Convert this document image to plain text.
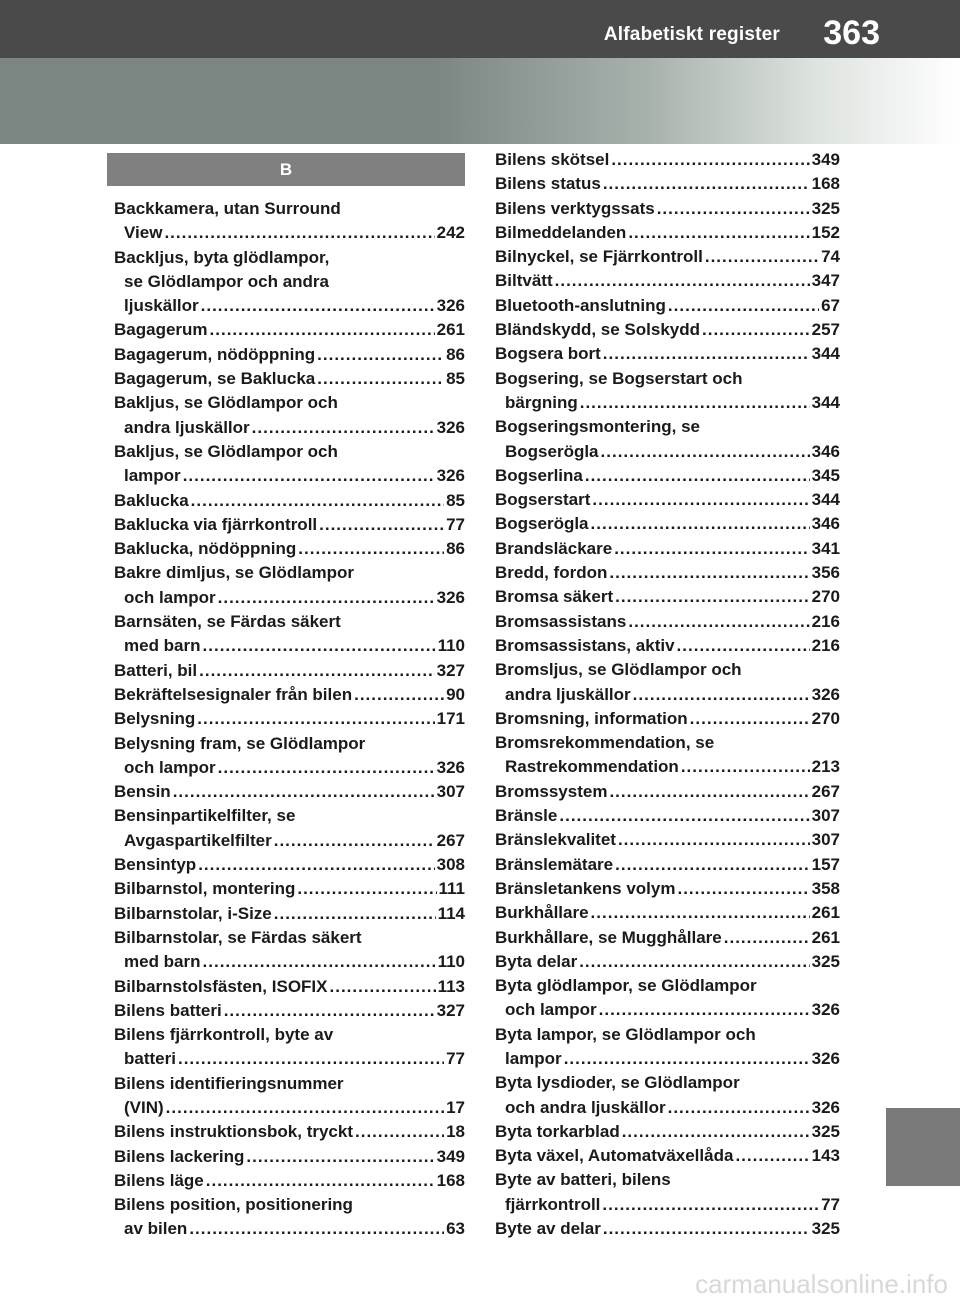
Alfabetiskt register 363
B
Backkamera, utan Surround
View .....	242
Backljus, byta glödlampor,
se Glödlampor och andra
ljuskällor .....	326
Bagagerum .....	261
Bagagerum, nödöppning .....	86
Bagagerum, se Baklucka .....	85
Bakljus, se Glödlampor och
andra ljuskällor .....	326
Bakljus, se Glödlampor och
lampor .....	326
Baklucka .....	85
Baklucka via fjärrkontroll .....	77
Baklucka, nödöppning .....	86
Bakre dimljus, se Glödlampor
och lampor .....	326
Barnsäten, se Färdas säkert
med barn .....	110
Batteri, bil .....	327
Bekräftelsesignaler från bilen .....	90
Belysning .....	171
Belysning fram, se Glödlampor
och lampor .....	326
Bensin .....	307
Bensinpartikelfilter, se
Avgaspartikelfilter .....	267
Bensintyp .....	308
Bilbarnstol, montering .....	111
Bilbarnstolar, i-Size .....	114
Bilbarnstolar, se Färdas säkert
med barn .....	110
Bilbarnstolsfästen, ISOFIX .....	113
Bilens batteri .....	327
Bilens fjärrkontroll, byte av
batteri .....	77
Bilens identifieringsnummer
(VIN) .....	17
Bilens instruktionsbok, tryckt .....	18
Bilens lackering .....	349
Bilens läge .....	168
Bilens position, positionering
av bilen .....	63
Bilens skötsel .....	349
Bilens status .....	168
Bilens verktygssats .....	325
Bilmeddelanden .....	152
Bilnyckel, se Fjärrkontroll .....	74
Biltvätt .....	347
Bluetooth-anslutning .....	67
Bländskydd, se Solskydd .....	257
Bogsera bort .....	344
Bogsering, se Bogserstart och
bärgning .....	344
Bogseringsmontering, se
Bogserögla .....	346
Bogserlina .....	345
Bogserstart .....	344
Bogserögla .....	346
Brandsläckare .....	341
Bredd, fordon .....	356
Bromsa säkert .....	270
Bromsassistans .....	216
Bromsassistans, aktiv .....	216
Bromsljus, se Glödlampor och
andra ljuskällor .....	326
Bromsning, information .....	270
Bromsrekommendation, se
Rastrekommendation .....	213
Bromssystem .....	267
Bränsle .....	307
Bränslekvalitet .....	307
Bränslemätare .....	157
Bränsletankens volym .....	358
Burkhållare .....	261
Burkhållare, se Mugghållare .....	261
Byta delar .....	325
Byta glödlampor, se Glödlampor
och lampor .....	326
Byta lampor, se Glödlampor och
lampor .....	326
Byta lysdioder, se Glödlampor
och andra ljuskällor .....	326
Byta torkarblad .....	325
Byta växel, Automatväxellåda .....	143
Byte av batteri, bilens
fjärrkontroll .....	77
Byte av delar .....	325
carmanualsonline.info
